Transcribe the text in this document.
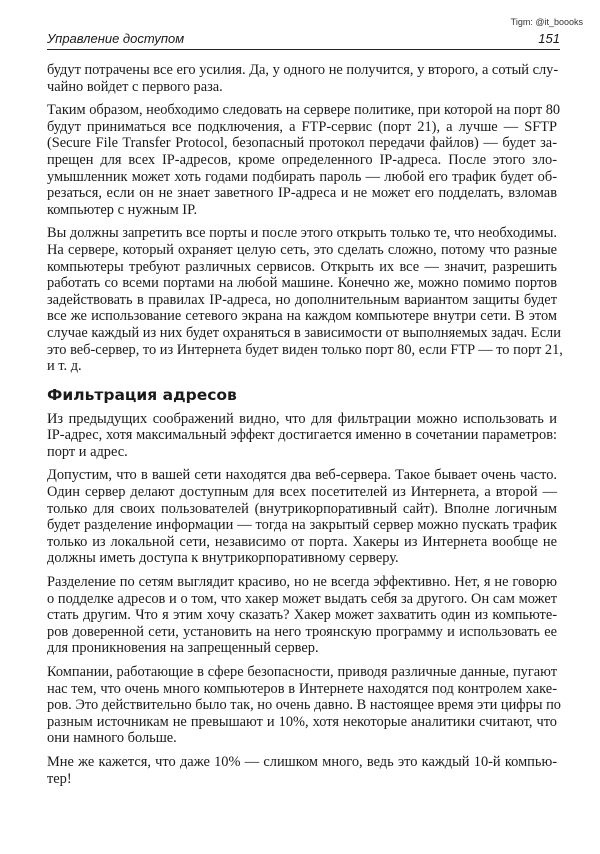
Tigm: @it_boooks
Управление доступом	151
будут потрачены все его усилия. Да, у одного не получится, у второго, а сотый слу-
чайно войдет с первого раза.
Таким образом, необходимо следовать на сервере политике, при которой на порт 80
будут приниматься все подключения, а FTP-сервис (порт 21), а лучше — SFTP
(Secure File Transfer Protocol, безопасный протокол передачи файлов) — будет за-
прещен для всех IP-адресов, кроме определенного IP-адреса. После этого зло-
умышленник может хоть годами подбирать пароль — любой его трафик будет об-
резаться, если он не знает заветного IP-адреса и не может его подделать, взломав
компьютер с нужным IP.
Вы должны запретить все порты и после этого открыть только те, что необходимы.
На сервере, который охраняет целую сеть, это сделать сложно, потому что разные
компьютеры требуют различных сервисов. Открыть их все — значит, разрешить
работать со всеми портами на любой машине. Конечно же, можно помимо портов
задействовать в правилах IP-адреса, но дополнительным вариантом защиты будет
все же использование сетевого экрана на каждом компьютере внутри сети. В этом
случае каждый из них будет охраняться в зависимости от выполняемых задач. Если
это веб-сервер, то из Интернета будет виден только порт 80, если FTP — то порт 21,
и т. д.
Фильтрация адресов
Из предыдущих соображений видно, что для фильтрации можно использовать и
IP-адрес, хотя максимальный эффект достигается именно в сочетании параметров:
порт и адрес.
Допустим, что в вашей сети находятся два веб-сервера. Такое бывает очень часто.
Один сервер делают доступным для всех посетителей из Интернета, а второй —
только для своих пользователей (внутрикорпоративный сайт). Вполне логичным
будет разделение информации — тогда на закрытый сервер можно пускать трафик
только из локальной сети, независимо от порта. Хакеры из Интернета вообще не
должны иметь доступа к внутрикорпоративному серверу.
Разделение по сетям выглядит красиво, но не всегда эффективно. Нет, я не говорю
о подделке адресов и о том, что хакер может выдать себя за другого. Он сам может
стать другим. Что я этим хочу сказать? Хакер может захватить один из компьюте-
ров доверенной сети, установить на него троянскую программу и использовать ее
для проникновения на запрещенный сервер.
Компании, работающие в сфере безопасности, приводя различные данные, пугают
нас тем, что очень много компьютеров в Интернете находятся под контролем хаке-
ров. Это действительно было так, но очень давно. В настоящее время эти цифры по
разным источникам не превышают и 10%, хотя некоторые аналитики считают, что
они намного больше.
Мне же кажется, что даже 10% — слишком много, ведь это каждый 10-й компью-
тер!
